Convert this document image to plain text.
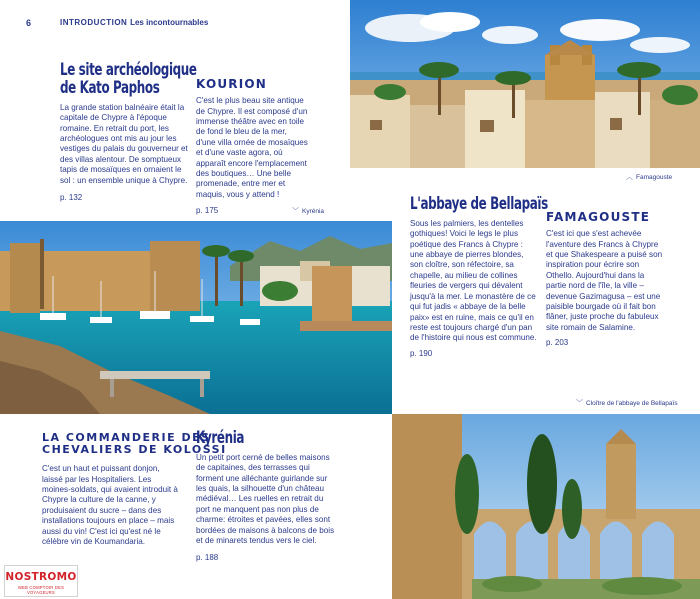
6	INTRODUCTION Les incontournables
︿ Famagouste
Le site archéologique
de Kato Paphos

La grande station balnéaire était la capitale de Chypre à l'époque romaine. En retrait du port, les archéologues ont mis au jour les vestiges du palais du gouverneur et des villas alentour. De somptueux tapis de mosaïques en ornaient le sol : un ensemble unique à Chypre.

p. 132

KOURION

C'est le plus beau site antique de Chypre. Il est composé d'un immense théâtre avec en toile de fond le bleu de la mer, d'une villa ornée de mosaïques et d'une vaste agora, où apparaît encore l'emplacement des boutiques… Une belle promenade, entre mer et maquis, vous y attend !

p. 175	﹀ Kyrénia	L'abbaye de Bellapaïs

Sous les palmiers, les dentelles gothiques! Voici le legs le plus poétique des Francs à Chypre : une abbaye de pierres blondes, son cloître, son réfectoire, sa chapelle, au milieu de collines fleuries de vergers qui dévalent jusqu'à la mer. Le monastère de ce qui fut jadis « abbaye de la belle paix» est en ruine, mais ce qu'il en reste est toujours chargé d'un pan de l'histoire qui nous est commune.

p. 190

FAMAGOUSTE

C'est ici que s'est achevée l'aventure des Francs à Chypre et que Shakespeare a puisé son inspiration pour écrire son Othello. Aujourd'hui dans la partie nord de l'île, la ville – devenue Gazimagusa – est une paisible bourgade où il fait bon flâner, juste proche du fabuleux site romain de Salamine.

p. 203

﹀ Cloître de l'abbaye de Bellapaïs
LA COMMANDERIE DES
CHEVALIERS DE KOLOSSI

C'est un haut et puissant donjon, laissé par les Hospitaliers. Les moines-soldats, qui avaient introduit à Chypre la culture de la canne, y produisaient du sucre – dans des installations toujours en place – mais aussi du vin! C'est ici qu'est né le célèbre vin de Koumandaria.

Kyrénia

Un petit port cerné de belles maisons de capitaines, des terrasses qui forment une alléchante guirlande sur les quais, la silhouette d'un château médiéval… Les ruelles en retrait du port ne manquent pas non plus de charme: étroites et pavées, elles sont bordées de maisons à balcons de bois et de minarets tendus vers le ciel.

p. 188

NOSTROMO
WEB COMPTOIR DES VOYAGEURS
